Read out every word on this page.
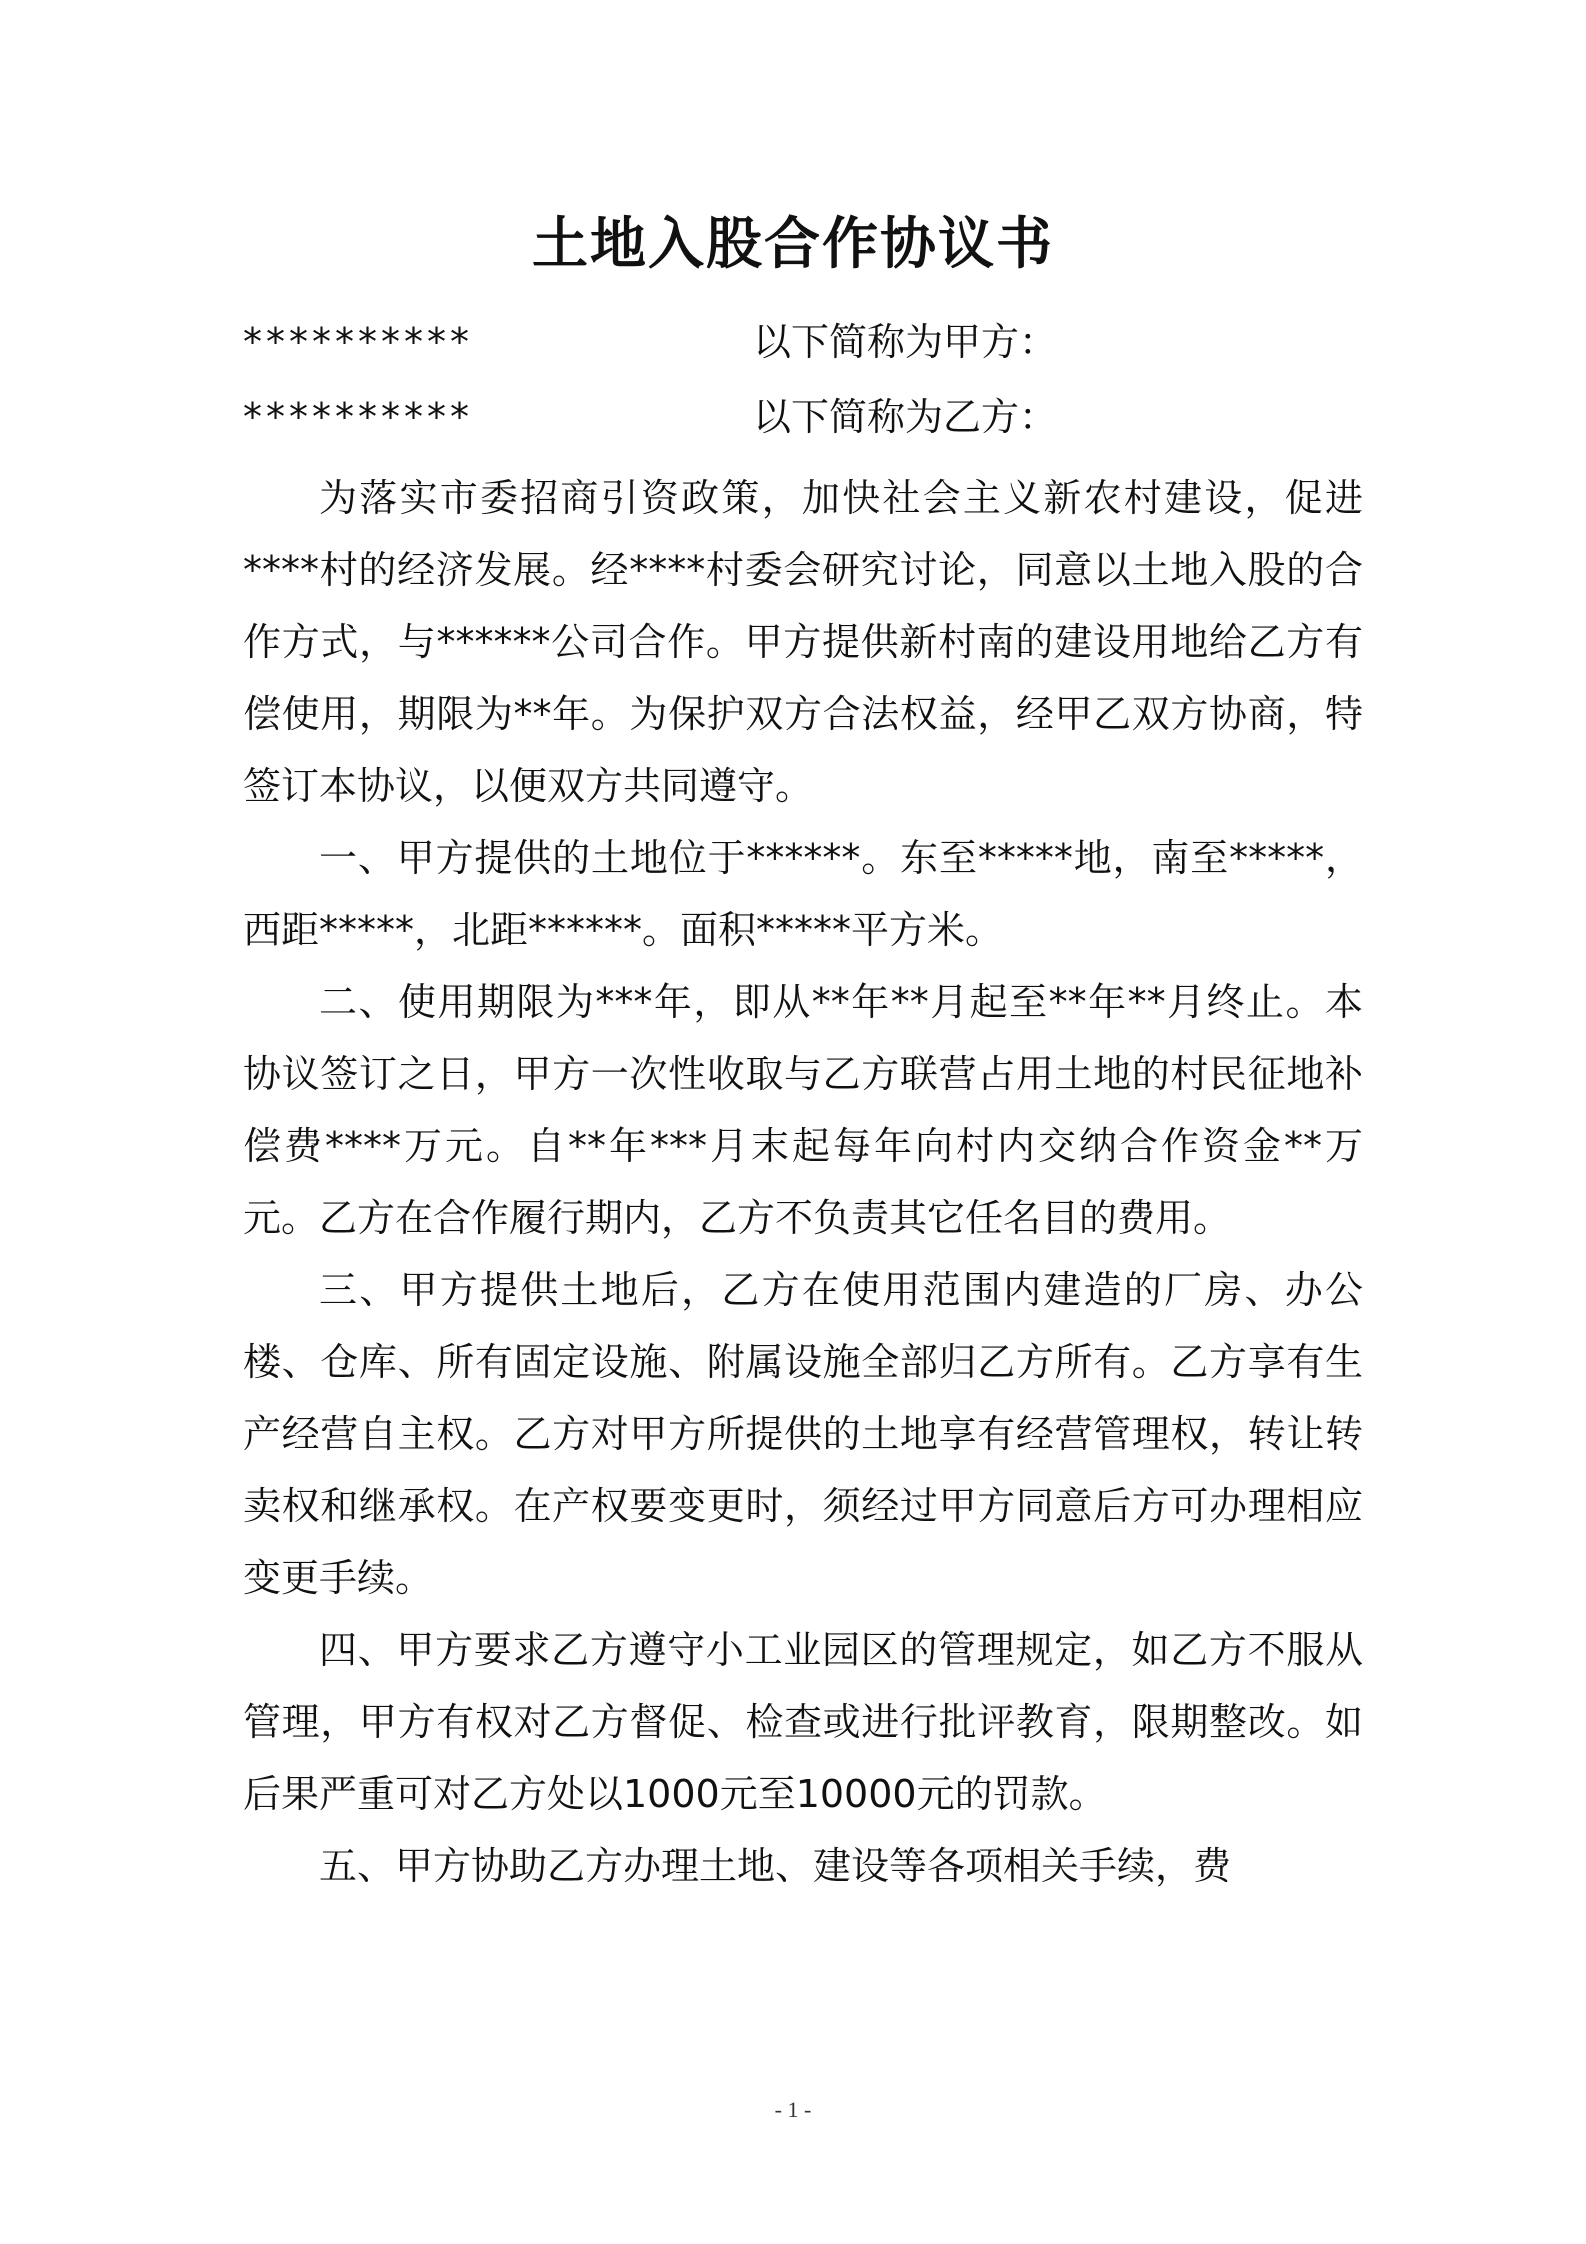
土地入股合作协议书
**********	以下简称为甲方：
**********	以下简称为乙方：

为落实市委招商引资政策，加快社会主义新农村建设，促进****村的经济发展。经****村委会研究讨论，同意以土地入股的合作方式，与******公司合作。甲方提供新村南的建设用地给乙方有偿使用，期限为**年。为保护双方合法权益，经甲乙双方协商，特签订本协议，以便双方共同遵守。

一、甲方提供的土地位于******。东至*****地，南至*****，西距*****，北距******。面积*****平方米。

二、使用期限为***年，即从**年**月起至**年**月终止。本协议签订之日，甲方一次性收取与乙方联营占用土地的村民征地补偿费****万元。自**年***月末起每年向村内交纳合作资金**万元。乙方在合作履行期内，乙方不负责其它任名目的费用。

三、甲方提供土地后，乙方在使用范围内建造的厂房、办公楼、仓库、所有固定设施、附属设施全部归乙方所有。乙方享有生产经营自主权。乙方对甲方所提供的土地享有经营管理权，转让转卖权和继承权。在产权要变更时，须经过甲方同意后方可办理相应变更手续。

四、甲方要求乙方遵守小工业园区的管理规定，如乙方不服从管理，甲方有权对乙方督促、检查或进行批评教育，限期整改。如后果严重可对乙方处以1000元至10000元的罚款。

五、甲方协助乙方办理土地、建设等各项相关手续，费

- 1 -
